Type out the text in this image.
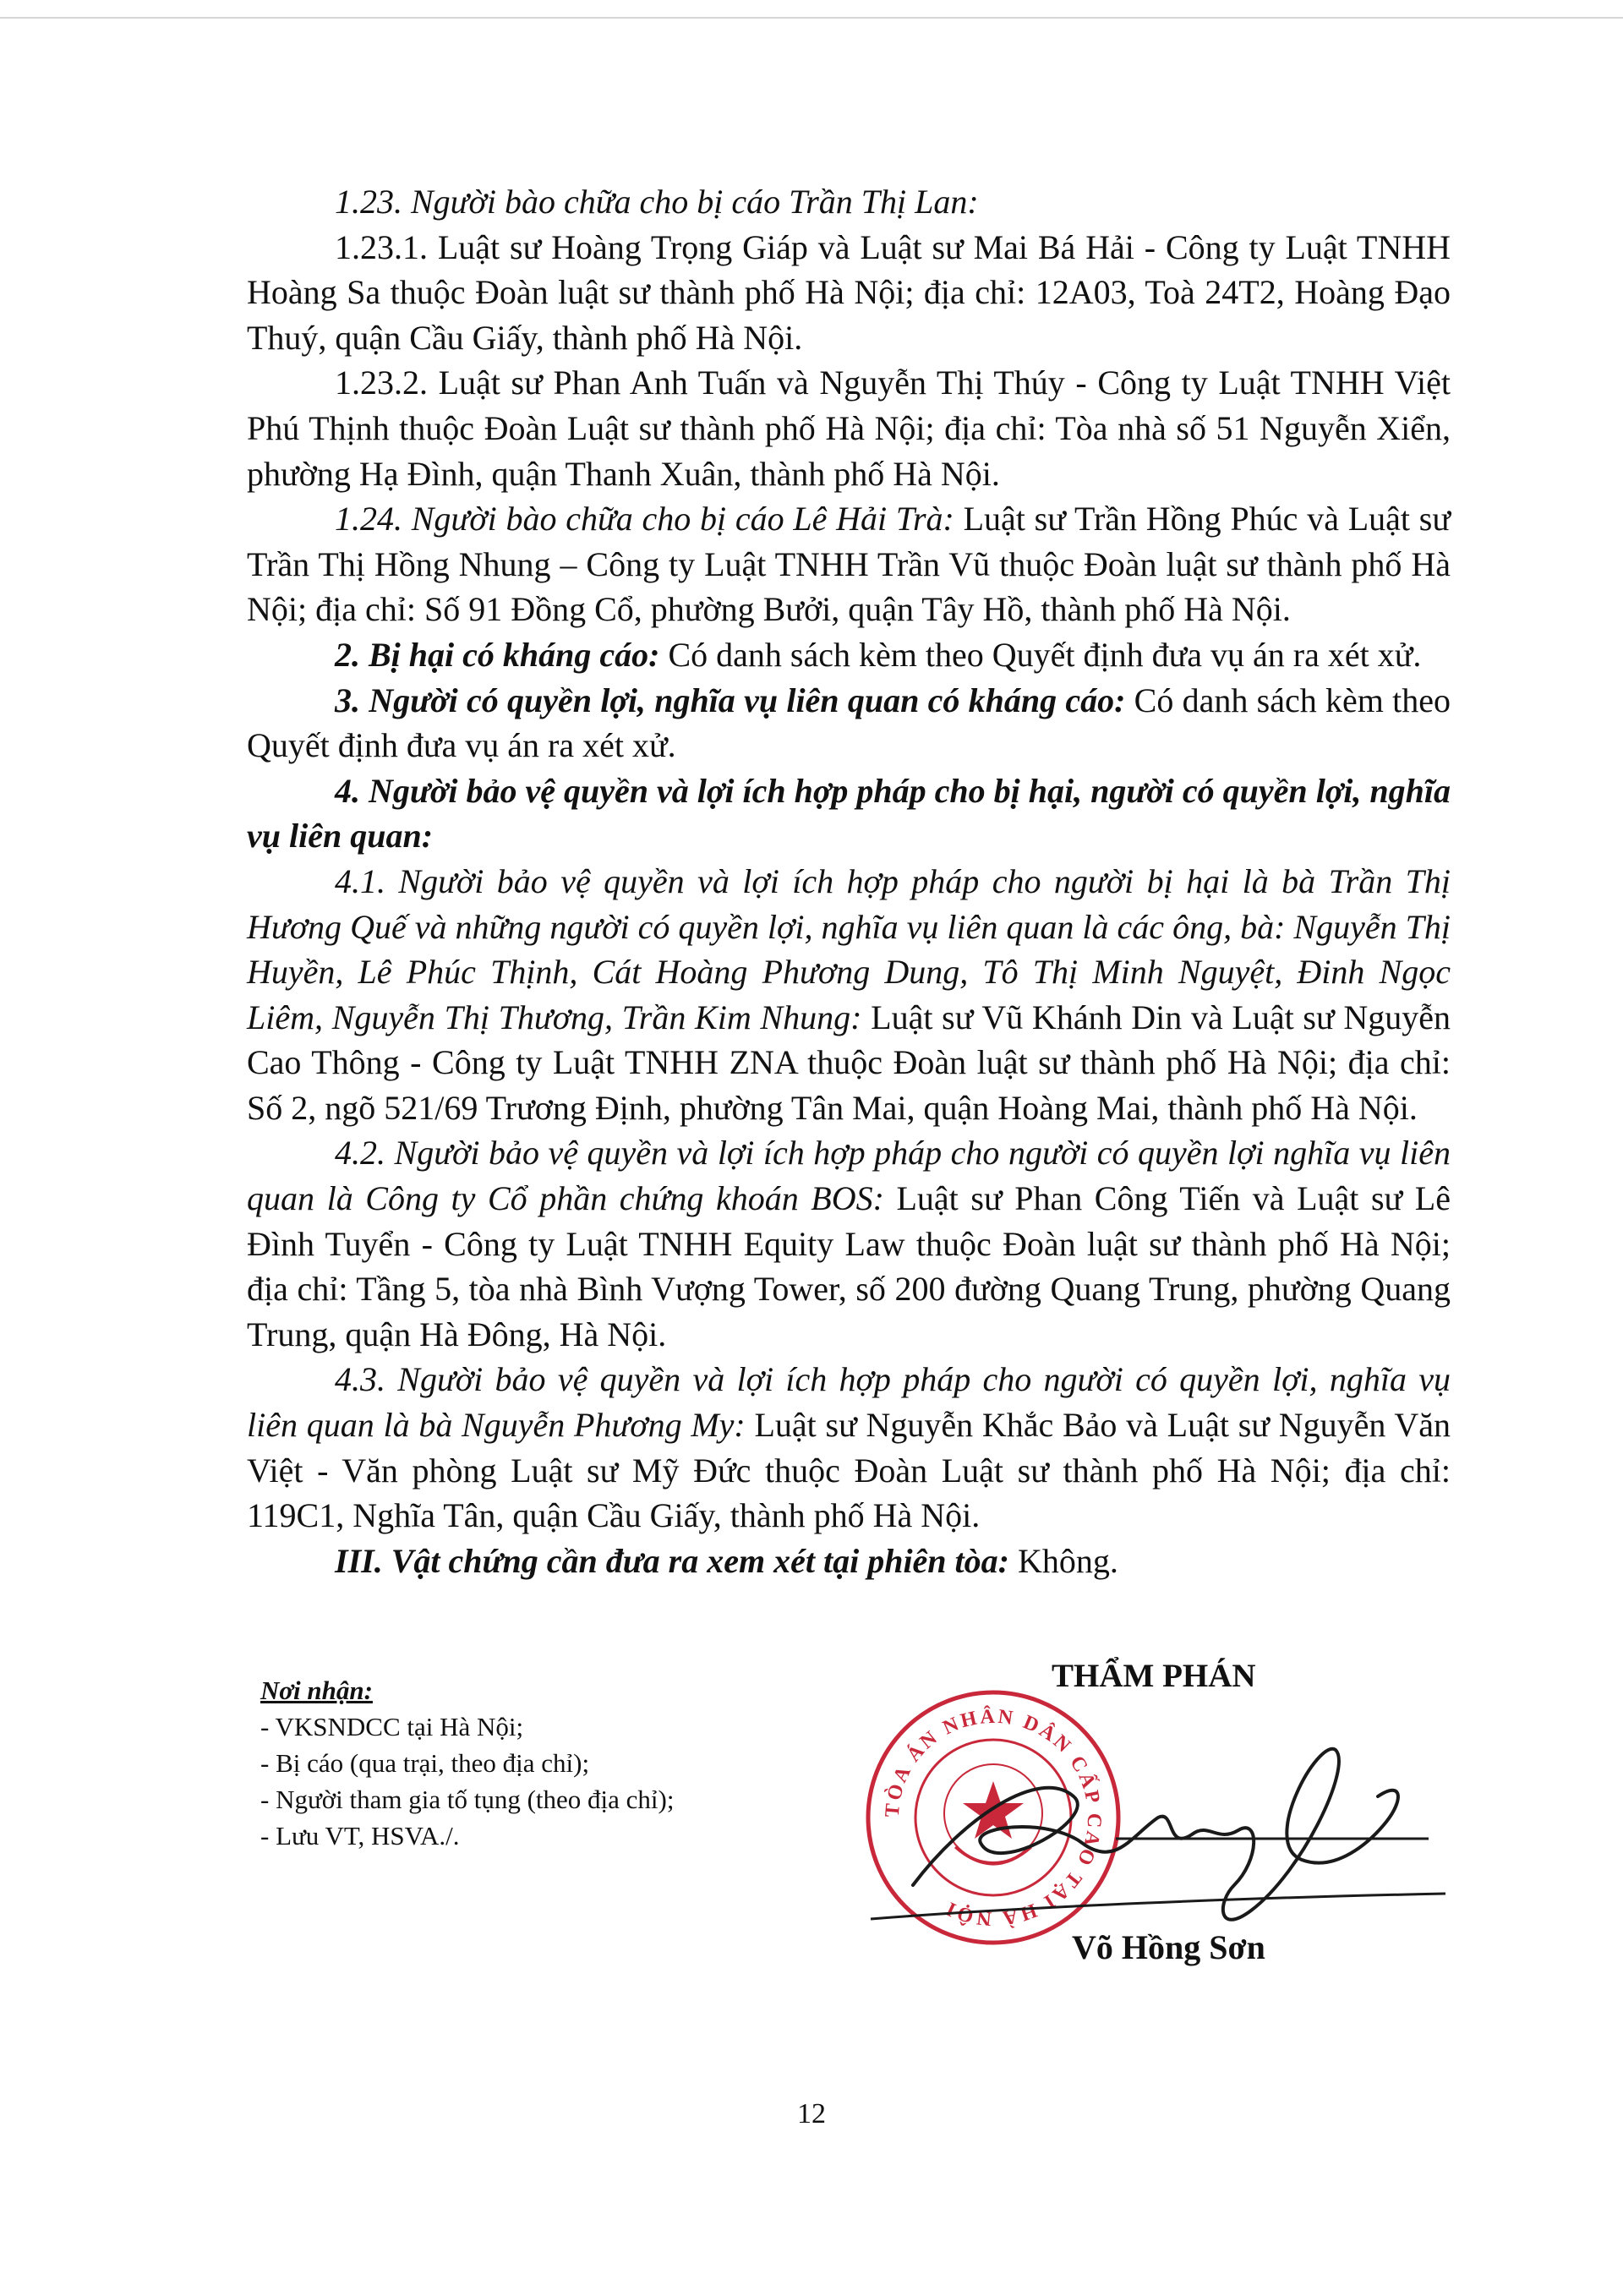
1.23. Người bào chữa cho bị cáo Trần Thị Lan:

1.23.1. Luật sư Hoàng Trọng Giáp và Luật sư Mai Bá Hải - Công ty Luật TNHH Hoàng Sa thuộc Đoàn luật sư thành phố Hà Nội; địa chỉ: 12A03, Toà 24T2, Hoàng Đạo Thuý, quận Cầu Giấy, thành phố Hà Nội.

1.23.2. Luật sư Phan Anh Tuấn và Nguyễn Thị Thúy - Công ty Luật TNHH Việt Phú Thịnh thuộc Đoàn Luật sư thành phố Hà Nội; địa chỉ: Tòa nhà số 51 Nguyễn Xiển, phường Hạ Đình, quận Thanh Xuân, thành phố Hà Nội.

1.24. Người bào chữa cho bị cáo Lê Hải Trà: Luật sư Trần Hồng Phúc và Luật sư Trần Thị Hồng Nhung – Công ty Luật TNHH Trần Vũ thuộc Đoàn luật sư thành phố Hà Nội; địa chỉ: Số 91 Đồng Cổ, phường Bưởi, quận Tây Hồ, thành phố Hà Nội.

2. Bị hại có kháng cáo: Có danh sách kèm theo Quyết định đưa vụ án ra xét xử.

3. Người có quyền lợi, nghĩa vụ liên quan có kháng cáo: Có danh sách kèm theo Quyết định đưa vụ án ra xét xử.

4. Người bảo vệ quyền và lợi ích hợp pháp cho bị hại, người có quyền lợi, nghĩa vụ liên quan:

4.1. Người bảo vệ quyền và lợi ích hợp pháp cho người bị hại là bà Trần Thị Hương Quế và những người có quyền lợi, nghĩa vụ liên quan là các ông, bà: Nguyễn Thị Huyền, Lê Phúc Thịnh, Cát Hoàng Phương Dung, Tô Thị Minh Nguyệt, Đinh Ngọc Liêm, Nguyễn Thị Thương, Trần Kim Nhung: Luật sư Vũ Khánh Din và Luật sư Nguyễn Cao Thông - Công ty Luật TNHH ZNA thuộc Đoàn luật sư thành phố Hà Nội; địa chỉ: Số 2, ngõ 521/69 Trương Định, phường Tân Mai, quận Hoàng Mai, thành phố Hà Nội.

4.2. Người bảo vệ quyền và lợi ích hợp pháp cho người có quyền lợi nghĩa vụ liên quan là Công ty Cổ phần chứng khoán BOS: Luật sư Phan Công Tiến và Luật sư Lê Đình Tuyển - Công ty Luật TNHH Equity Law thuộc Đoàn luật sư thành phố Hà Nội; địa chỉ: Tầng 5, tòa nhà Bình Vượng Tower, số 200 đường Quang Trung, phường Quang Trung, quận Hà Đông, Hà Nội.

4.3. Người bảo vệ quyền và lợi ích hợp pháp cho người có quyền lợi, nghĩa vụ liên quan là bà Nguyễn Phương My: Luật sư Nguyễn Khắc Bảo và Luật sư Nguyễn Văn Việt - Văn phòng Luật sư Mỹ Đức thuộc Đoàn Luật sư thành phố Hà Nội; địa chỉ: 119C1, Nghĩa Tân, quận Cầu Giấy, thành phố Hà Nội.

III. Vật chứng cần đưa ra xem xét tại phiên tòa: Không.

Nơi nhận:
- VKSNDCC tại Hà Nội;
- Bị cáo (qua trại, theo địa chỉ);
- Người tham gia tố tụng (theo địa chỉ);
- Lưu VT, HSVA./.
THẨM PHÁN
TÒA ÁN NHÂN DÂN CẤP CAO TẠI HÀ NỘI
Võ Hồng Sơn
12
